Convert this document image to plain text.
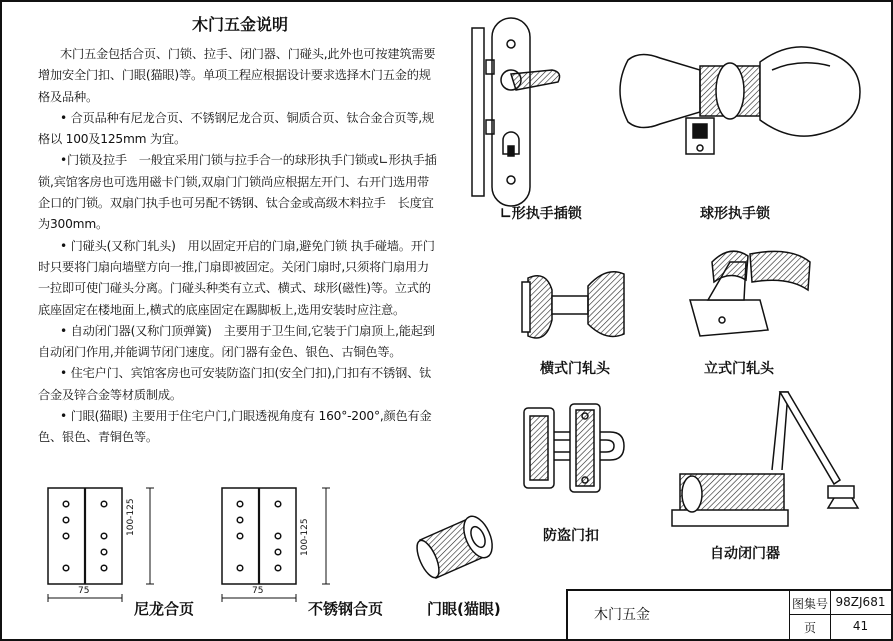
木门五金说明

木门五金包括合页、门锁、拉手、闭门器、门碰头,此外也可按建筑需要增加安全门扣、门眼(猫眼)等。单项工程应根据设计要求选择木门五金的规格及品种。

• 合页品种有尼龙合页、不锈钢尼龙合页、铜质合页、钛合金合页等,规格以 100及125mm 为宜。

•门锁及拉手　一般宜采用门锁与拉手合一的球形执手门锁或∟形执手插锁,宾馆客房也可选用磁卡门锁,双扇门门锁尚应根据左开门、右开门选用带企口的门锁。双扇门执手也可另配不锈钢、钛合金或高级木料拉手　长度宜为300mm。

• 门碰头(又称门轧头)　用以固定开启的门扇,避免门锁 执手碰墙。开门时只要将门扇向墙壁方向一推,门扇即被固定。关闭门扇时,只须将门扇用力一拉即可使门碰头分离。门碰头种类有立式、横式、球形(磁性)等。立式的底座固定在楼地面上,横式的底座固定在踢脚板上,选用安装时应注意。

• 自动闭门器(又称门顶弹簧)　主要用于卫生间,它装于门扇顶上,能起到自动闭门作用,并能调节闭门速度。闭门器有金色、银色、古铜色等。

• 住宅户门、宾馆客房也可安装防盗门扣(安全门扣),门扣有不锈钢、钛合金及锌合金等材质制成。

• 门眼(猫眼) 主要用于住宅户门,门眼透视角度有 160°-200°,颜色有金色、银色、青铜色等。

75
100-125
75
100-125
∟形执手插锁	球形执手锁
横式门轧头	立式门轧头
防盗门扣
自动闭门器
尼龙合页	不锈钢合页	门眼(猫眼)	木门五金
图集号 98ZJ681
页	41
